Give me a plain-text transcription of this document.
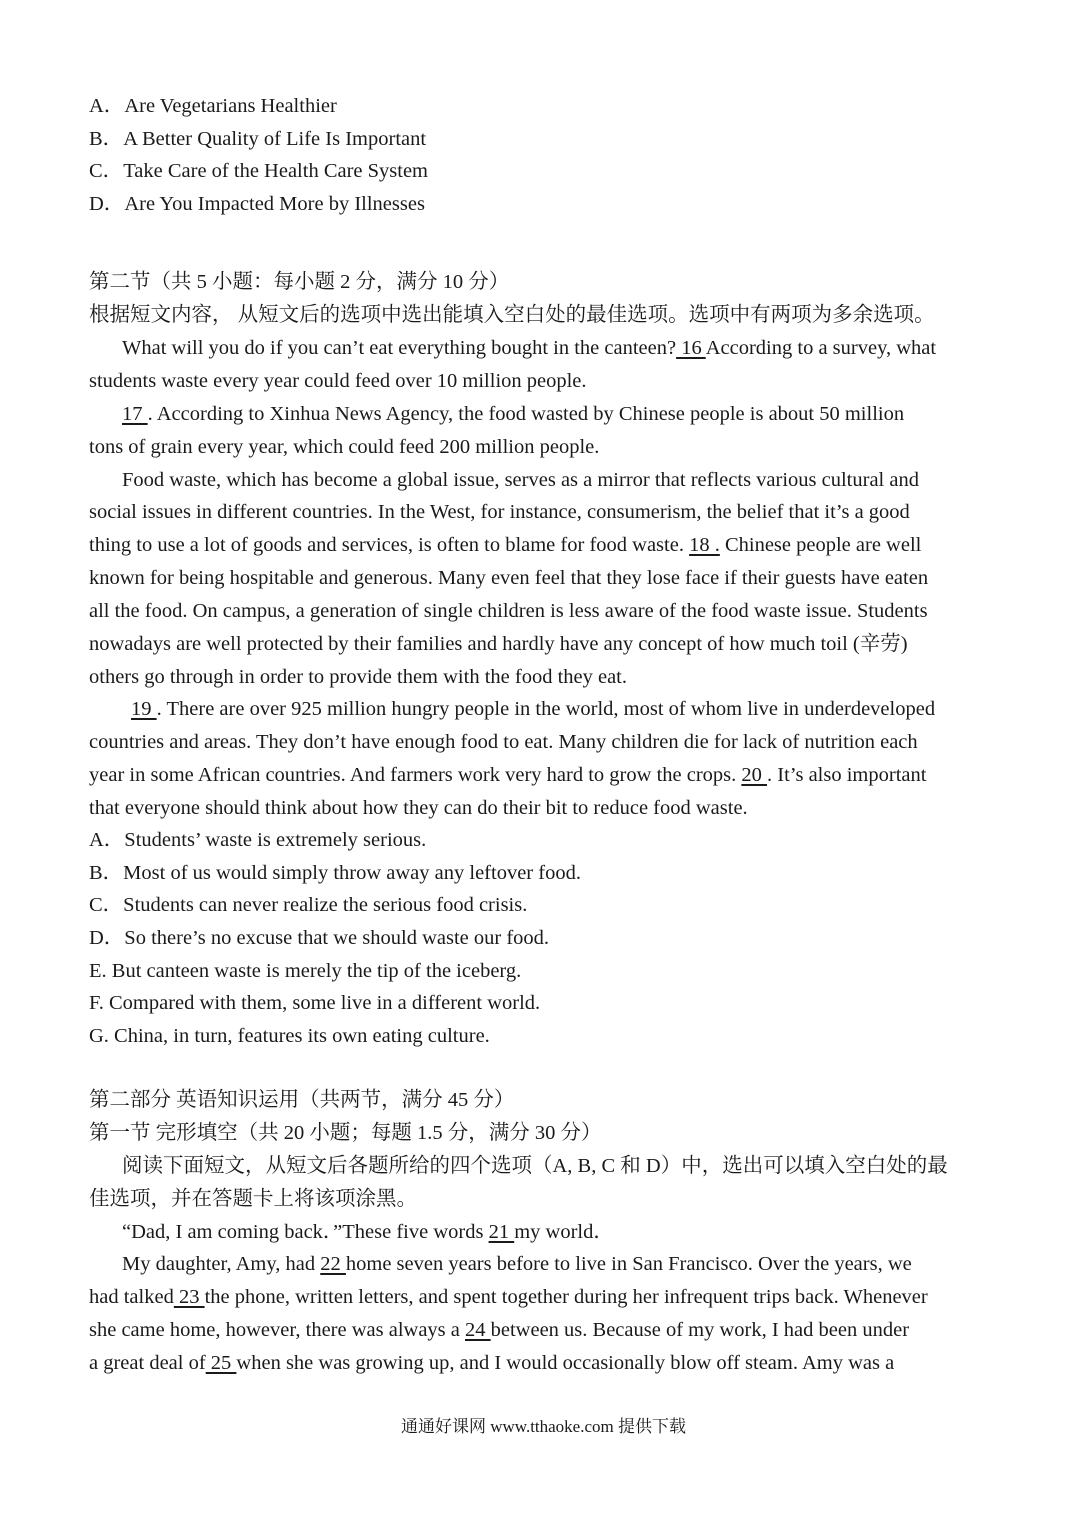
A．Are Vegetarians Healthier
B．A Better Quality of Life Is Important
C．Take Care of the Health Care System
D．Are You Impacted More by Illnesses
第二节（共 5 小题：每小题 2 分，满分 10 分）
根据短文内容， 从短文后的选项中选出能填入空白处的最佳选项。选项中有两项为多余选项。
What will you do if you can’t eat everything bought in the canteen? 16 According to a survey, what
students waste every year could feed over 10 million people.
17 . According to Xinhua News Agency, the food wasted by Chinese people is about 50 million
tons of grain every year, which could feed 200 million people.
Food waste, which has become a global issue, serves as a mirror that reflects various cultural and
social issues in different countries. In the West, for instance, consumerism, the belief that it’s a good
thing to use a lot of goods and services, is often to blame for food waste. 18 . Chinese people are well
known for being hospitable and generous. Many even feel that they lose face if their guests have eaten
all the food. On campus, a generation of single children is less aware of the food waste issue. Students
nowadays are well protected by their families and hardly have any concept of how much toil (辛劳)
others go through in order to provide them with the food they eat.
19 . There are over 925 million hungry people in the world, most of whom live in underdeveloped
countries and areas. They don’t have enough food to eat. Many children die for lack of nutrition each
year in some African countries. And farmers work very hard to grow the crops. 20 . It’s also important
that everyone should think about how they can do their bit to reduce food waste.
A．Students’ waste is extremely serious.
B．Most of us would simply throw away any leftover food.
C．Students can never realize the serious food crisis.
D．So there’s no excuse that we should waste our food.
E. But canteen waste is merely the tip of the iceberg.
F. Compared with them, some live in a different world.
G. China, in turn, features its own eating culture.
第二部分 英语知识运用（共两节，满分 45 分）
第一节 完形填空（共 20 小题；每题 1.5 分，满分 30 分）
阅读下面短文，从短文后各题所给的四个选项（A, B, C 和 D）中，选出可以填入空白处的最
佳选项，并在答题卡上将该项涂黑。
“Dad, I am coming back．”These five words 21 my world．
My daughter, Amy, had 22 home seven years before to live in San Francisco. Over the years, we
had talked 23 the phone, written letters, and spent together during her infrequent trips back. Whenever
she came home, however, there was always a 24 between us. Because of my work, I had been under
a great deal of 25 when she was growing up, and I would occasionally blow off steam. Amy was a
通通好课网 www.tthaoke.com 提供下载
